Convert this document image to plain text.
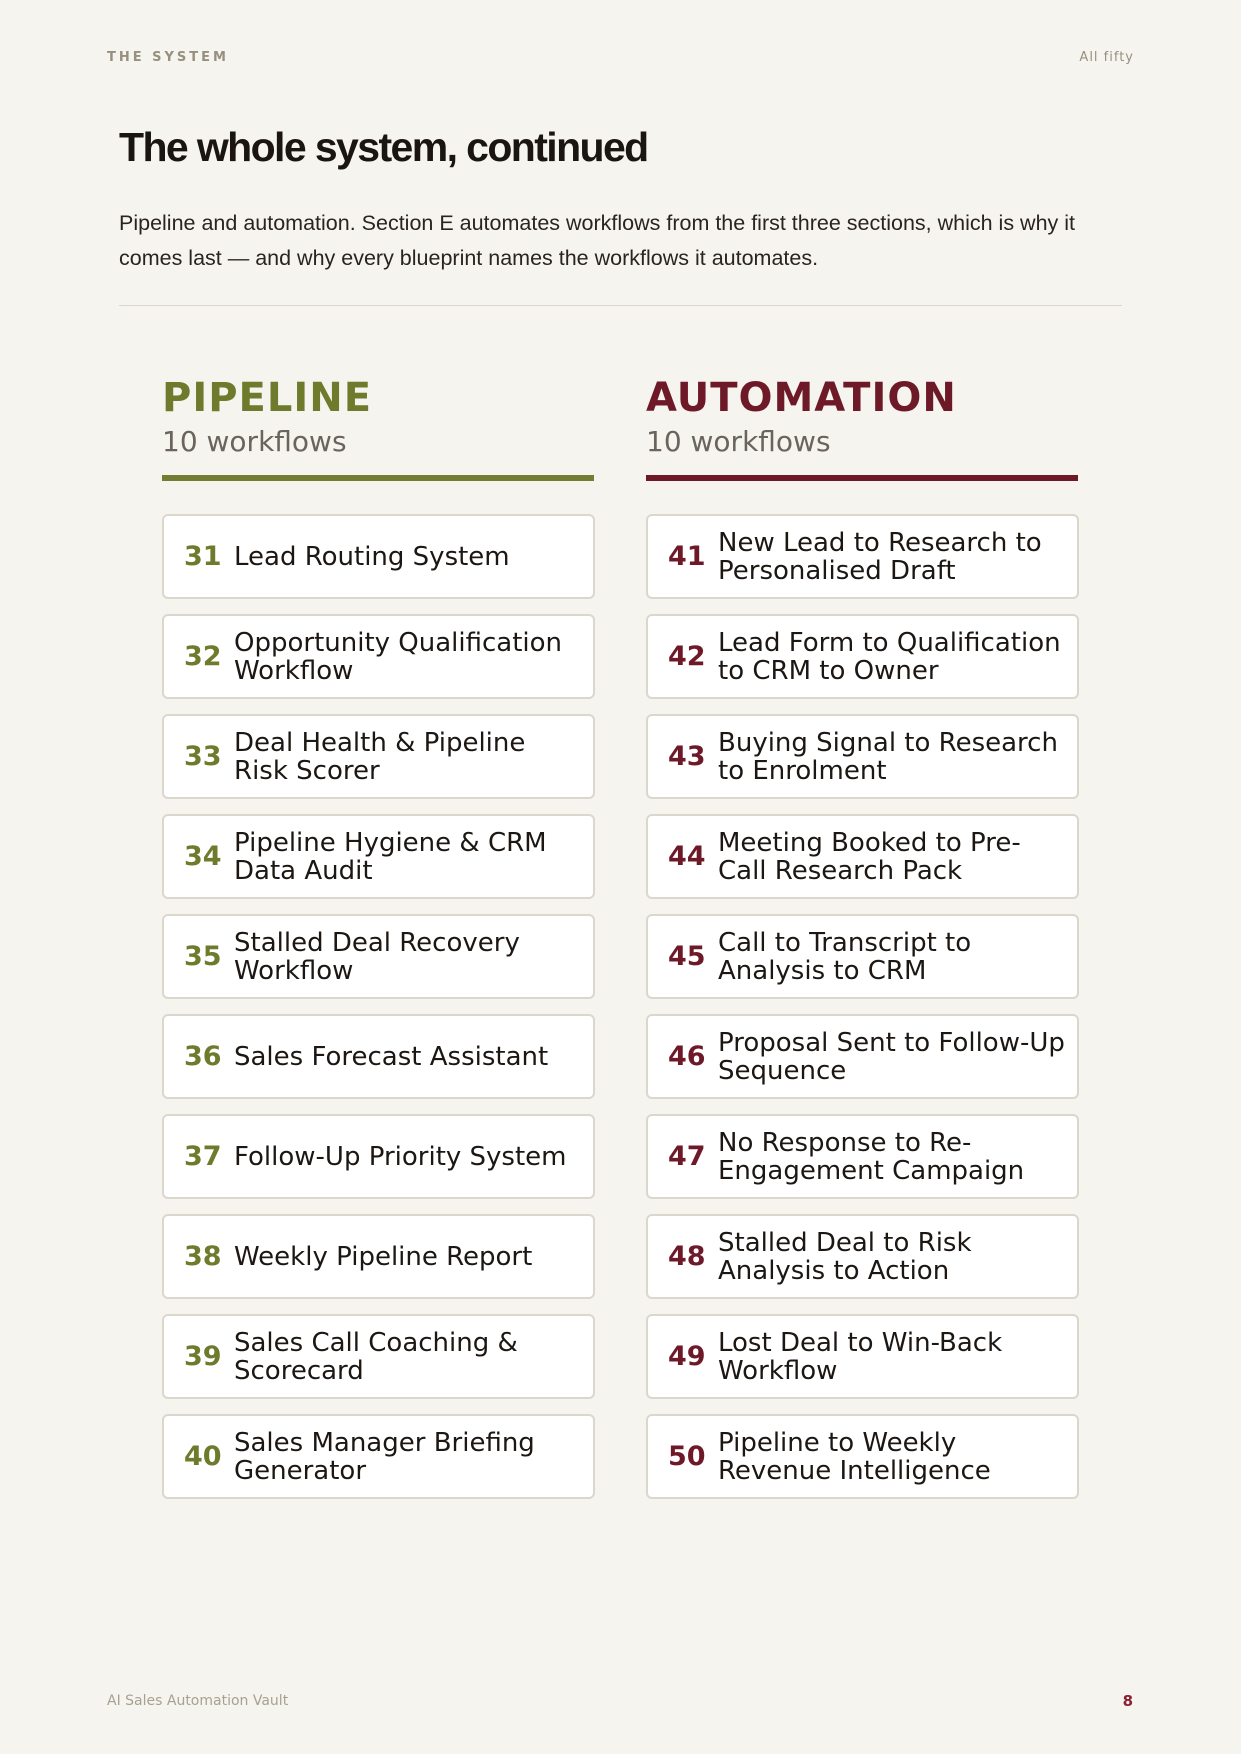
THE SYSTEM	All fifty
The whole system, continued

Pipeline and automation. Section E automates workflows from the first three sections, which is why it comes last — and why every blueprint names the workflows it automates.

PIPELINE
10 workflows
31 Lead Routing System
32 Opportunity Qualification Workflow
33 Deal Health & Pipeline Risk Scorer
34 Pipeline Hygiene & CRM Data Audit
35 Stalled Deal Recovery Workflow
36 Sales Forecast Assistant
37 Follow-Up Priority System
38 Weekly Pipeline Report
39 Sales Call Coaching & Scorecard
40 Sales Manager Briefing Generator
AUTOMATION
10 workflows
41 New Lead to Research to Personalised Draft
42 Lead Form to Qualification to CRM to Owner
43 Buying Signal to Research to Enrolment
44 Meeting Booked to Pre-Call Research Pack
45 Call to Transcript to Analysis to CRM
46 Proposal Sent to Follow-Up Sequence
47 No Response to Re-Engagement Campaign
48 Stalled Deal to Risk Analysis to Action
49 Lost Deal to Win-Back Workflow
50 Pipeline to Weekly Revenue Intelligence
AI Sales Automation Vault	8
